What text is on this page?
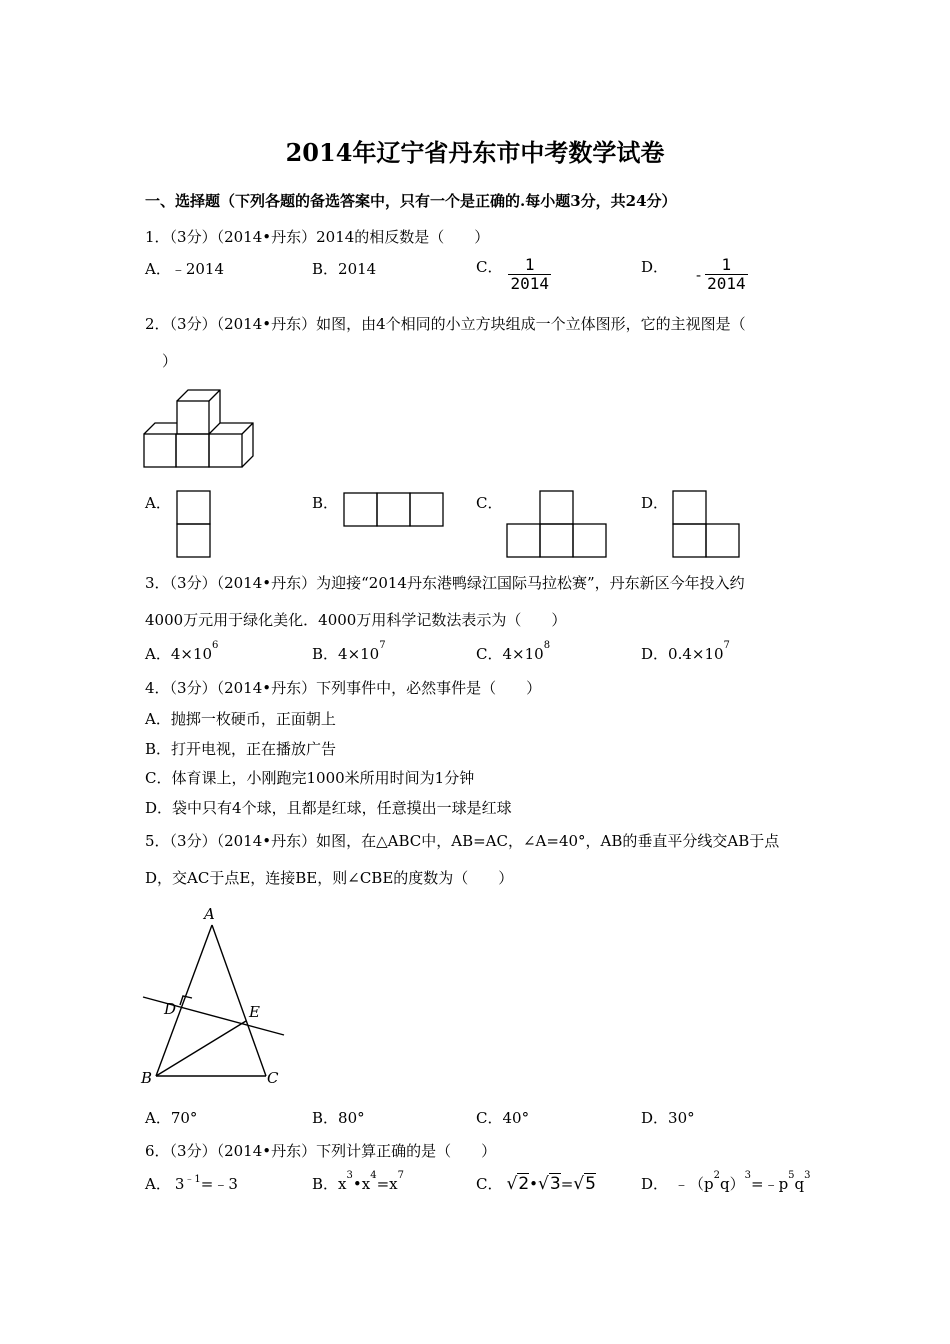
2014年辽宁省丹东市中考数学试卷
一、选择题（下列各题的备选答案中，只有一个是正确的.每小题3分，共24分）
1．（3分）（2014•丹东）2014的相反数是（　　）
A．﹣2014	B．2014	C． $\frac{1}{2014}$	D． - $\frac{1}{2014}$
2．（3分）（2014•丹东）如图，由4个相同的小立方块组成一个立体图形，它的主视图是（
）
A．	B．	C．	D．
3．（3分）（2014•丹东）为迎接“2014丹东港鸭绿江国际马拉松赛”，丹东新区今年投入约
4000万元用于绿化美化．4000万用科学记数法表示为（　　）
A．$4\times 10^6$	B．$4\times 10^7$	C．$4\times 10^8$	D．$0.4\times 10^7$
4．（3分）（2014•丹东）下列事件中，必然事件是（　　）
A．抛掷一枚硬币，正面朝上
B．打开电视，正在播放广告
C．体育课上，小刚跑完1000米所用时间为1分钟
D．袋中只有4个球，且都是红球，任意摸出一球是红球
5．（3分）（2014•丹东）如图，在△ABC中，AB=AC，∠A=40°，AB的垂直平分线交AB于点
D，交AC于点E，连接BE，则∠CBE的度数为（　　）
A
B	C
D	E
A．70°	B．80°	C．40°	D．30°
6．（3分）（2014•丹东）下列计算正确的是（　　）
A． $3^{﹣1}=﹣3$	B．$x^3•x^4=x^7$	C． √2•√3=√5	D． $﹣(p^2q)^3=﹣p^5q^3$
